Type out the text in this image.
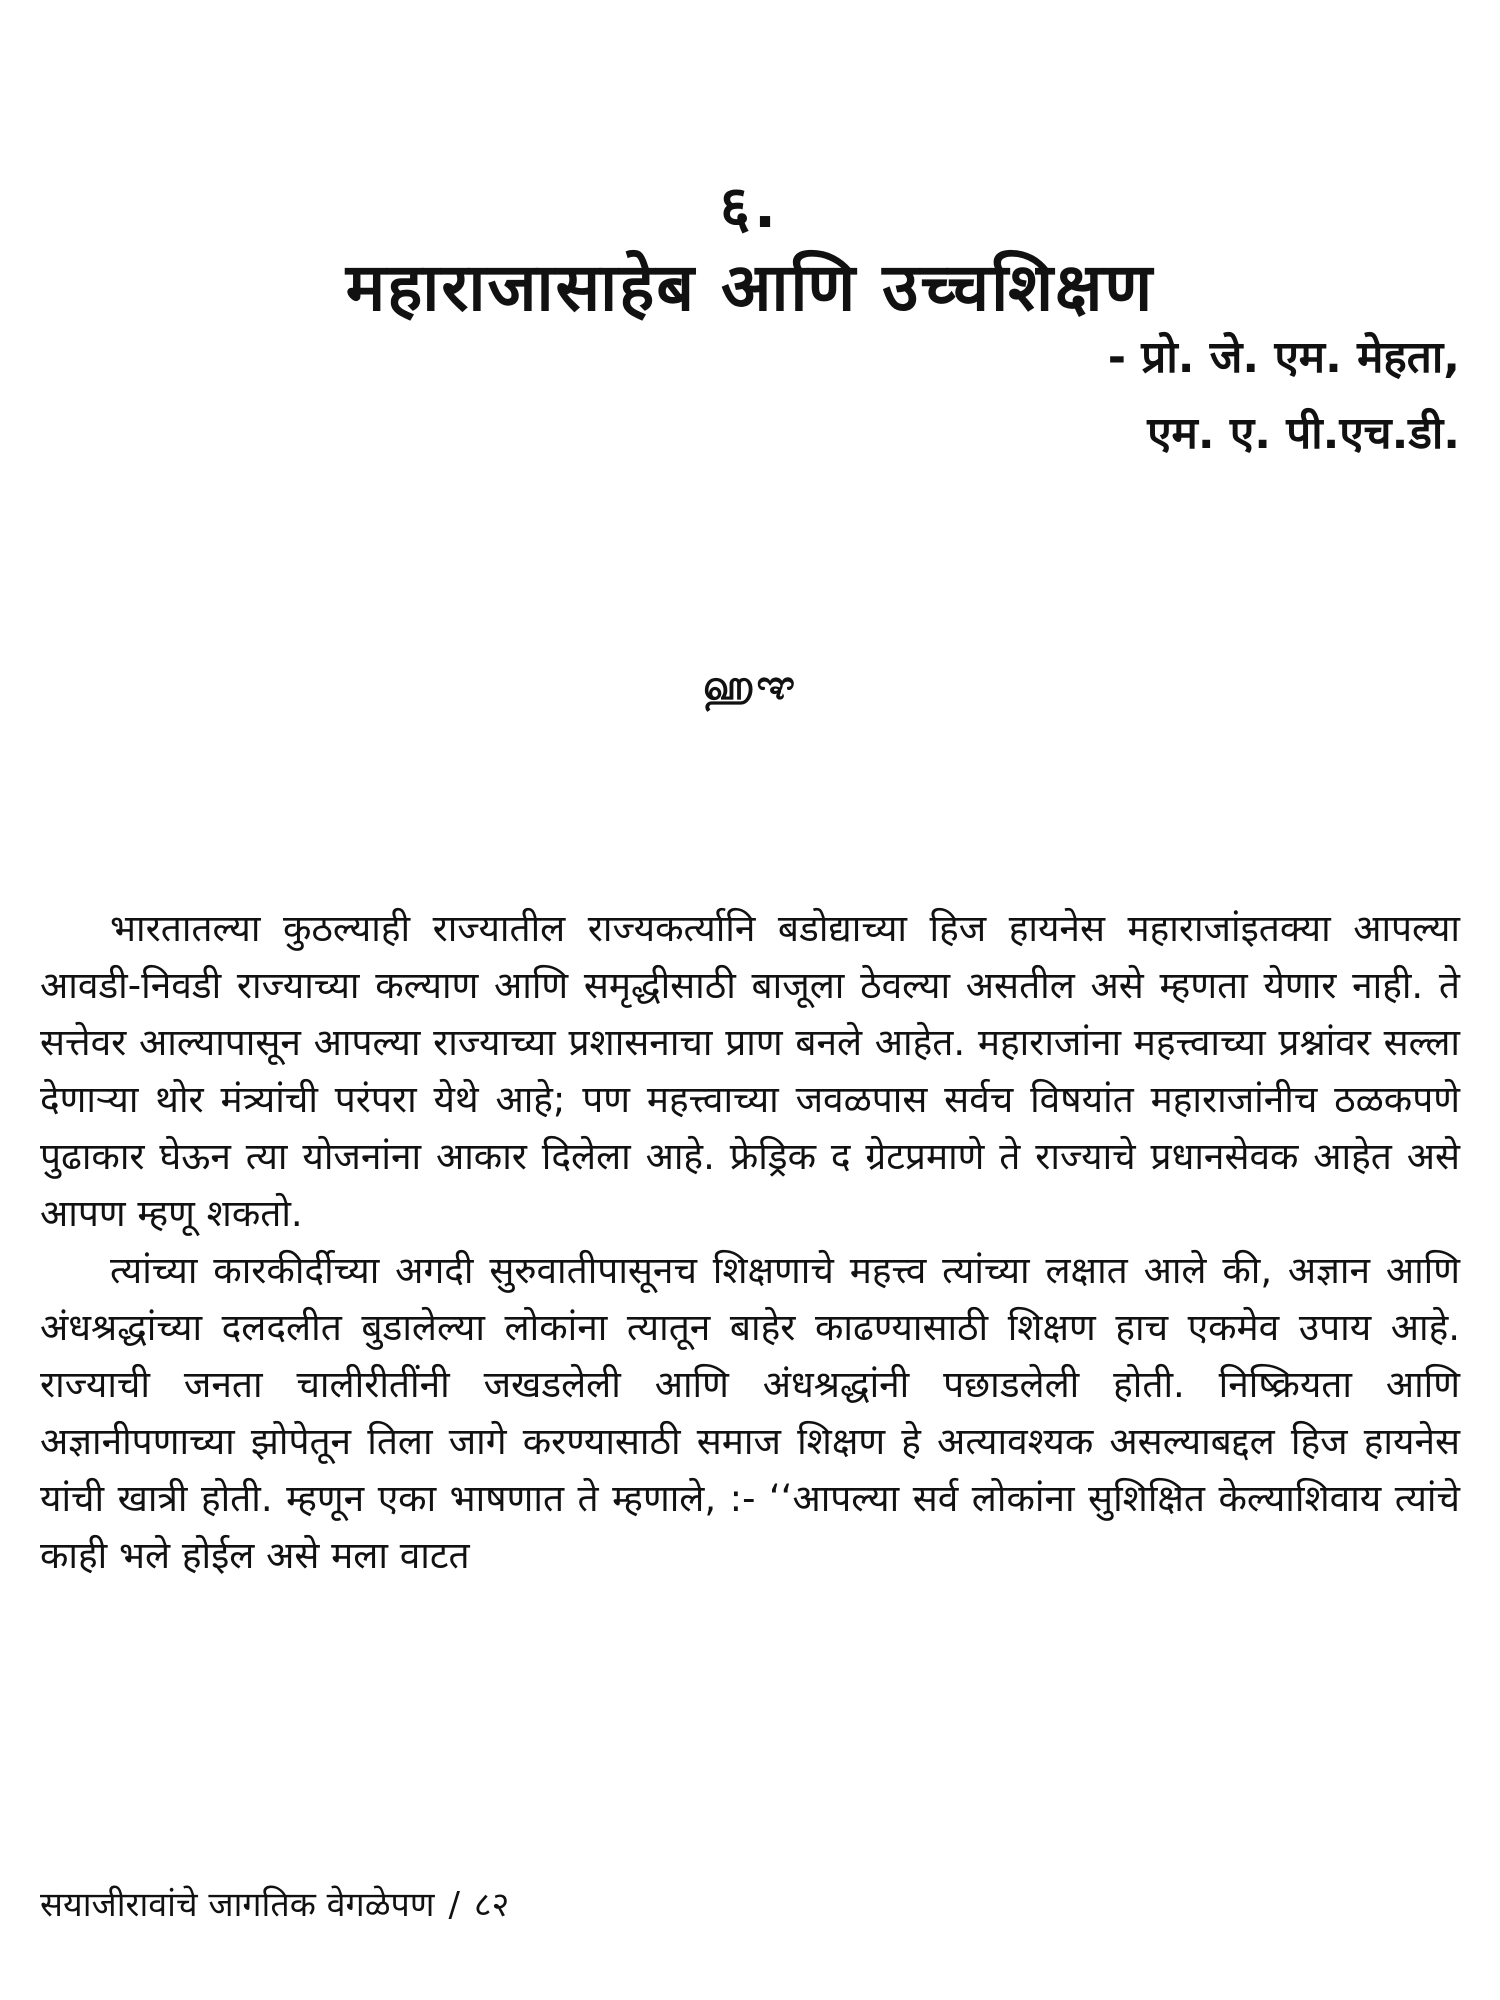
६.
महाराजासाहेब आणि उच्चशिक्षण
- प्रो. जे. एम. मेहता,
एम. ए. पी.एच.डी.
ஹಞ

भारतातल्या कुठल्याही राज्यातील राज्यकर्त्यानि बडोद्याच्या हिज हायनेस महाराजांइतक्या आपल्या आवडी-निवडी राज्याच्या कल्याण आणि समृद्धीसाठी बाजूला ठेवल्या असतील असे म्हणता येणार नाही. ते सत्तेवर आल्यापासून आपल्या राज्याच्या प्रशासनाचा प्राण बनले आहेत. महाराजांना महत्त्वाच्या प्रश्नांवर सल्ला देणाऱ्या थोर मंत्र्यांची परंपरा येथे आहे; पण महत्त्वाच्या जवळपास सर्वच विषयांत महाराजांनीच ठळकपणे पुढाकार घेऊन त्या योजनांना आकार दिलेला आहे. फ्रेड्रिक द ग्रेटप्रमाणे ते राज्याचे प्रधानसेवक आहेत असे आपण म्हणू शकतो.

त्यांच्या कारकीर्दीच्या अगदी सुरुवातीपासूनच शिक्षणाचे महत्त्व त्यांच्या लक्षात आले की, अज्ञान आणि अंधश्रद्धांच्या दलदलीत बुडालेल्या लोकांना त्यातून बाहेर काढण्यासाठी शिक्षण हाच एकमेव उपाय आहे. राज्याची जनता चालीरीतींनी जखडलेली आणि अंधश्रद्धांनी पछाडलेली होती. निष्क्रियता आणि अज्ञानीपणाच्या झोपेतून तिला जागे करण्यासाठी समाज शिक्षण हे अत्यावश्यक असल्याबद्दल हिज हायनेस यांची खात्री होती. म्हणून एका भाषणात ते म्हणाले, :- ‘‘आपल्या सर्व लोकांना सुशिक्षित केल्याशिवाय त्यांचे काही भले होईल असे मला वाटत

सयाजीरावांचे जागतिक वेगळेपण / ८२
